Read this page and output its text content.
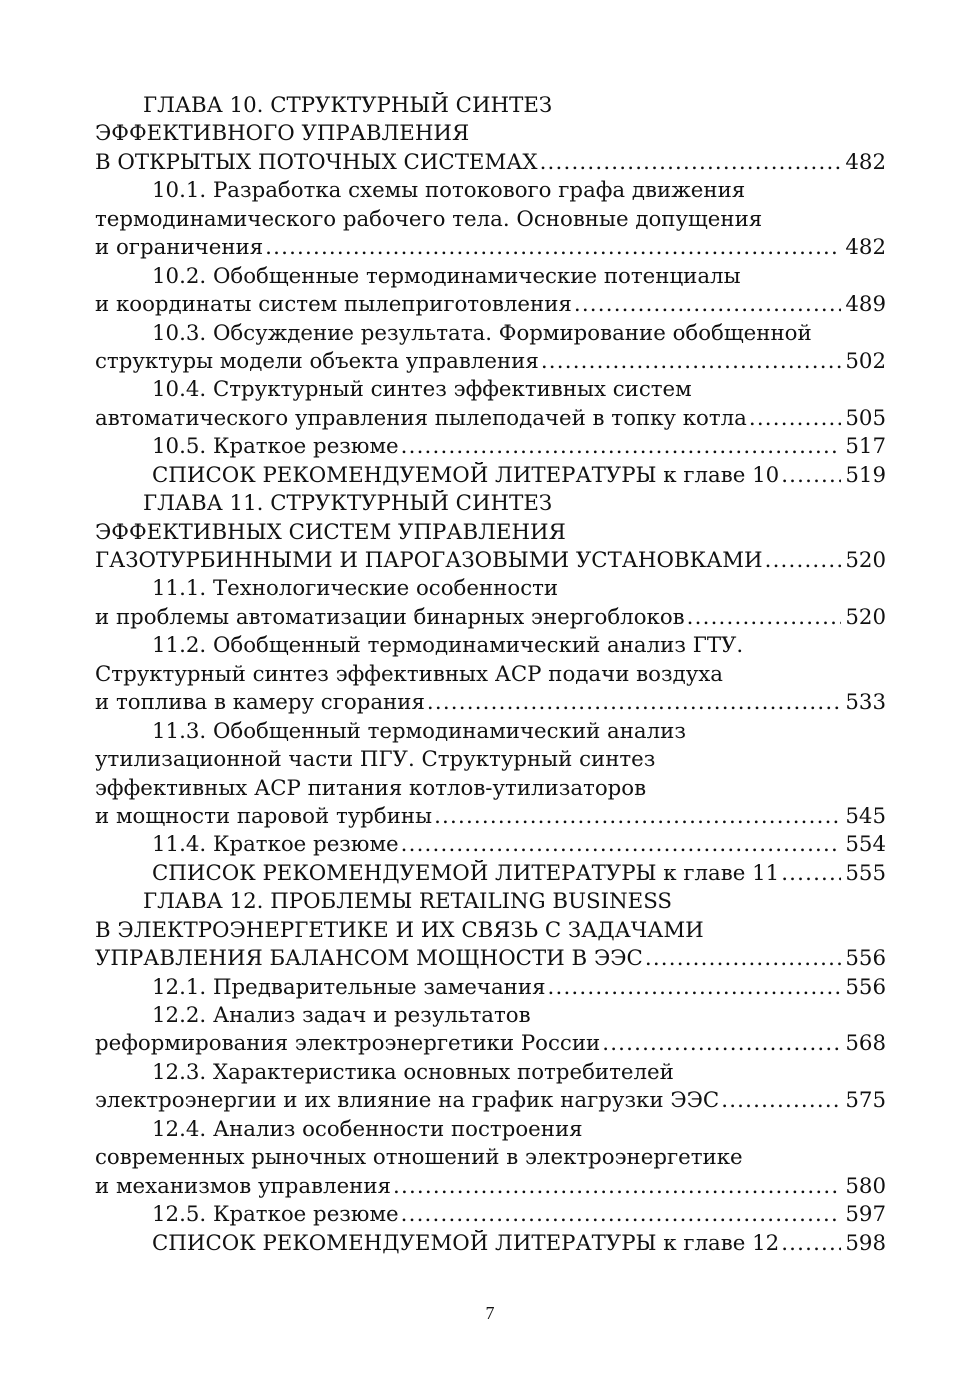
ГЛАВА 10. СТРУКТУРНЫЙ СИНТЕЗ
ЭФФЕКТИВНОГО УПРАВЛЕНИЯ
В ОТКРЫТЫХ ПОТОЧНЫХ СИСТЕМАХ .....	482
10.1. Разработка схемы потокового графа движения
термодинамического рабочего тела. Основные допущения
и ограничения .....	482
10.2. Обобщенные термодинамические потенциалы
и координаты систем пылеприготовления .....	489
10.3. Обсуждение результата. Формирование обобщенной
структуры модели объекта управления .....	502
10.4. Структурный синтез эффективных систем
автоматического управления пылеподачей в топку котла .....	505
10.5. Краткое резюме .....	517
СПИСОК РЕКОМЕНДУЕМОЙ ЛИТЕРАТУРЫ к главе 10 .....	519
ГЛАВА 11. СТРУКТУРНЫЙ СИНТЕЗ
ЭФФЕКТИВНЫХ СИСТЕМ УПРАВЛЕНИЯ
ГАЗОТУРБИННЫМИ И ПАРОГАЗОВЫМИ УСТАНОВКАМИ .....	520
11.1. Технологические особенности
и проблемы автоматизации бинарных энергоблоков .....	520
11.2. Обобщенный термодинамический анализ ГТУ.
Структурный синтез эффективных АСР подачи воздуха
и топлива в камеру сгорания .....	533
11.3. Обобщенный термодинамический анализ
утилизационной части ПГУ. Структурный синтез
эффективных АСР питания котлов-утилизаторов
и мощности паровой турбины .....	545
11.4. Краткое резюме .....	554
СПИСОК РЕКОМЕНДУЕМОЙ ЛИТЕРАТУРЫ к главе 11 .....	555
ГЛАВА 12. ПРОБЛЕМЫ RETAILING BUSINESS
В ЭЛЕКТРОЭНЕРГЕТИКЕ И ИХ СВЯЗЬ С ЗАДАЧАМИ
УПРАВЛЕНИЯ БАЛАНСОМ МОЩНОСТИ В ЭЭС .....	556
12.1. Предварительные замечания .....	556
12.2. Анализ задач и результатов
реформирования электроэнергетики России .....	568
12.3. Характеристика основных потребителей
электроэнергии и их влияние на график нагрузки ЭЭС .....	575
12.4. Анализ особенности построения
современных рыночных отношений в электроэнергетике
и механизмов управления .....	580
12.5. Краткое резюме .....	597
СПИСОК РЕКОМЕНДУЕМОЙ ЛИТЕРАТУРЫ к главе 12 .....	598
7
